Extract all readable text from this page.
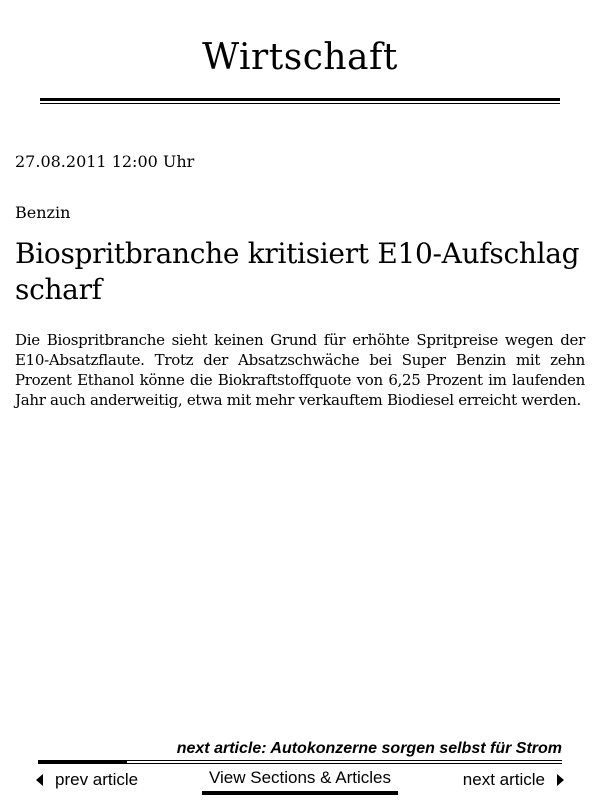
Wirtschaft
27.08.2011 12:00 Uhr
Benzin
Biospritbranche kritisiert E10-Aufschlag scharf

Die Biospritbranche sieht keinen Grund für erhöhte Spritpreise wegen der E10-Absatzflaute. Trotz der Absatzschwäche bei Super Benzin mit zehn Prozent Ethanol könne die Biokraftstoffquote von 6,25 Prozent im laufenden Jahr auch anderweitig, etwa mit mehr verkauftem Biodiesel erreicht werden.

next article: Autokonzerne sorgen selbst für Strom
prev article	View Sections & Articles	next article
